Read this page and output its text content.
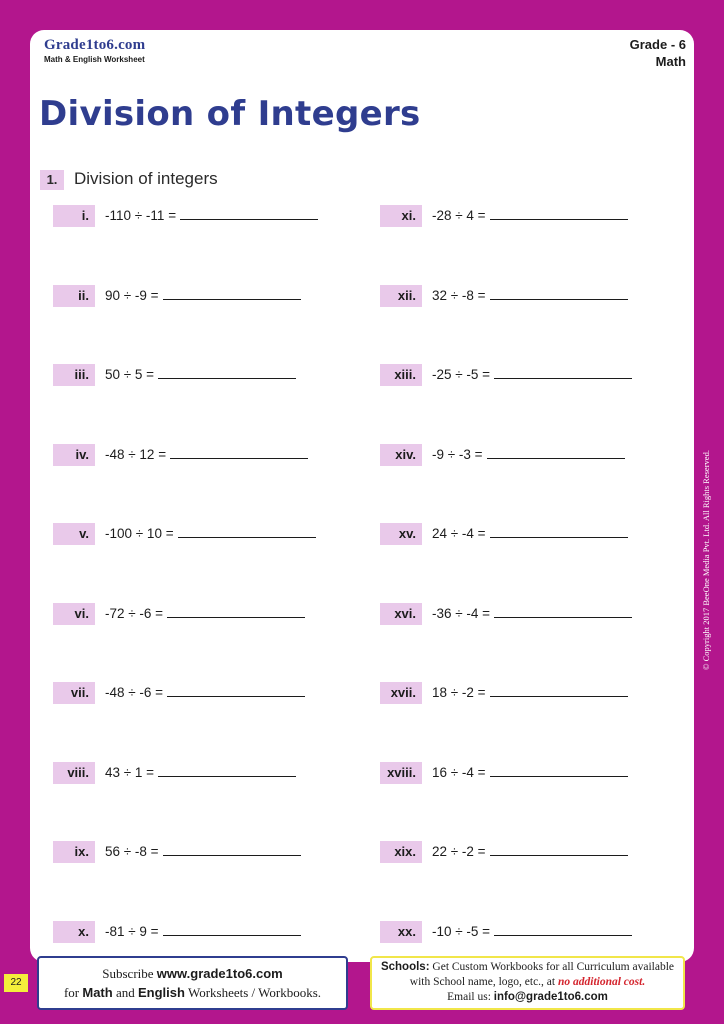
Grade1to6.com
Math & English Worksheet
Grade - 6
Math
Division of Integers
1. Division of integers
i.	-110 ÷ -11 =
ii.	90 ÷ -9 =
iii.	50 ÷ 5 =
iv.	-48 ÷ 12 =
v.	-100 ÷ 10 =
vi.	-72 ÷ -6 =
vii.	-48 ÷ -6 =
viii.	43 ÷ 1 =
ix.	56 ÷ -8 =
x.	-81 ÷ 9 =
xi.	-28 ÷ 4 =
xii.	32 ÷ -8 =
xiii.	-25 ÷ -5 =
xiv.	-9 ÷ -3 =
xv.	24 ÷ -4 =
xvi.	-36 ÷ -4 =
xvii.	18 ÷ -2 =
xviii.	16 ÷ -4 =
xix.	22 ÷ -2 =
xx.	-10 ÷ -5 =
© Copyright 2017 BeeOne Media Pvt. Ltd. All Rights Reserved.
22
Subscribe www.grade1to6.com
for Math and English Worksheets / Workbooks.
Schools: Get Custom Workbooks for all Curriculum available
with School name, logo, etc., at no additional cost.
Email us: info@grade1to6.com
